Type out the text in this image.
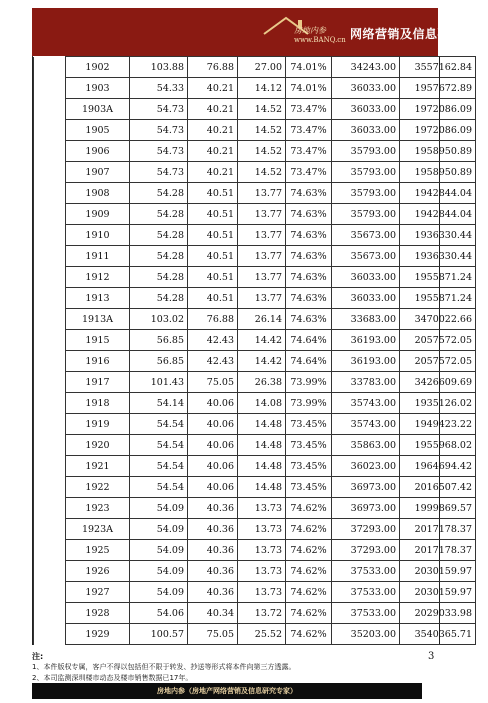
房地内参
www.BANQ.cn 网络营销及信息研究专家
	1902	103.88	76.88	27.00	74.01%	34243.00	3557162.84
	1903	54.33	40.21	14.12	74.01%	36033.00	1957672.89
	1903A	54.73	40.21	14.52	73.47%	36033.00	1972086.09
	1905	54.73	40.21	14.52	73.47%	36033.00	1972086.09
	1906	54.73	40.21	14.52	73.47%	35793.00	1958950.89
	1907	54.73	40.21	14.52	73.47%	35793.00	1958950.89
	1908	54.28	40.51	13.77	74.63%	35793.00	1942844.04
	1909	54.28	40.51	13.77	74.63%	35793.00	1942844.04
	1910	54.28	40.51	13.77	74.63%	35673.00	1936330.44
	1911	54.28	40.51	13.77	74.63%	35673.00	1936330.44
	1912	54.28	40.51	13.77	74.63%	36033.00	1955871.24
	1913	54.28	40.51	13.77	74.63%	36033.00	1955871.24
	1913A	103.02	76.88	26.14	74.63%	33683.00	3470022.66
	1915	56.85	42.43	14.42	74.64%	36193.00	2057572.05
	1916	56.85	42.43	14.42	74.64%	36193.00	2057572.05
	1917	101.43	75.05	26.38	73.99%	33783.00	3426609.69
	1918	54.14	40.06	14.08	73.99%	35743.00	1935126.02
	1919	54.54	40.06	14.48	73.45%	35743.00	1949423.22
	1920	54.54	40.06	14.48	73.45%	35863.00	1955968.02
	1921	54.54	40.06	14.48	73.45%	36023.00	1964694.42
	1922	54.54	40.06	14.48	73.45%	36973.00	2016507.42
	1923	54.09	40.36	13.73	74.62%	36973.00	1999869.57
	1923A	54.09	40.36	13.73	74.62%	37293.00	2017178.37
	1925	54.09	40.36	13.73	74.62%	37293.00	2017178.37
	1926	54.09	40.36	13.73	74.62%	37533.00	2030159.97
	1927	54.09	40.36	13.73	74.62%	37533.00	2030159.97
	1928	54.06	40.34	13.72	74.62%	37533.00	2029033.98
	1929	100.57	75.05	25.52	74.62%	35203.00	3540365.71
3
注:
1、本件版权专属，客户不得以包括但不限于转发、抄送等形式将本件向第三方透露。
2、本司监测深圳楼市动态及楼市销售数据已17年。
房地内参（房地产网络营销及信息研究专家）
